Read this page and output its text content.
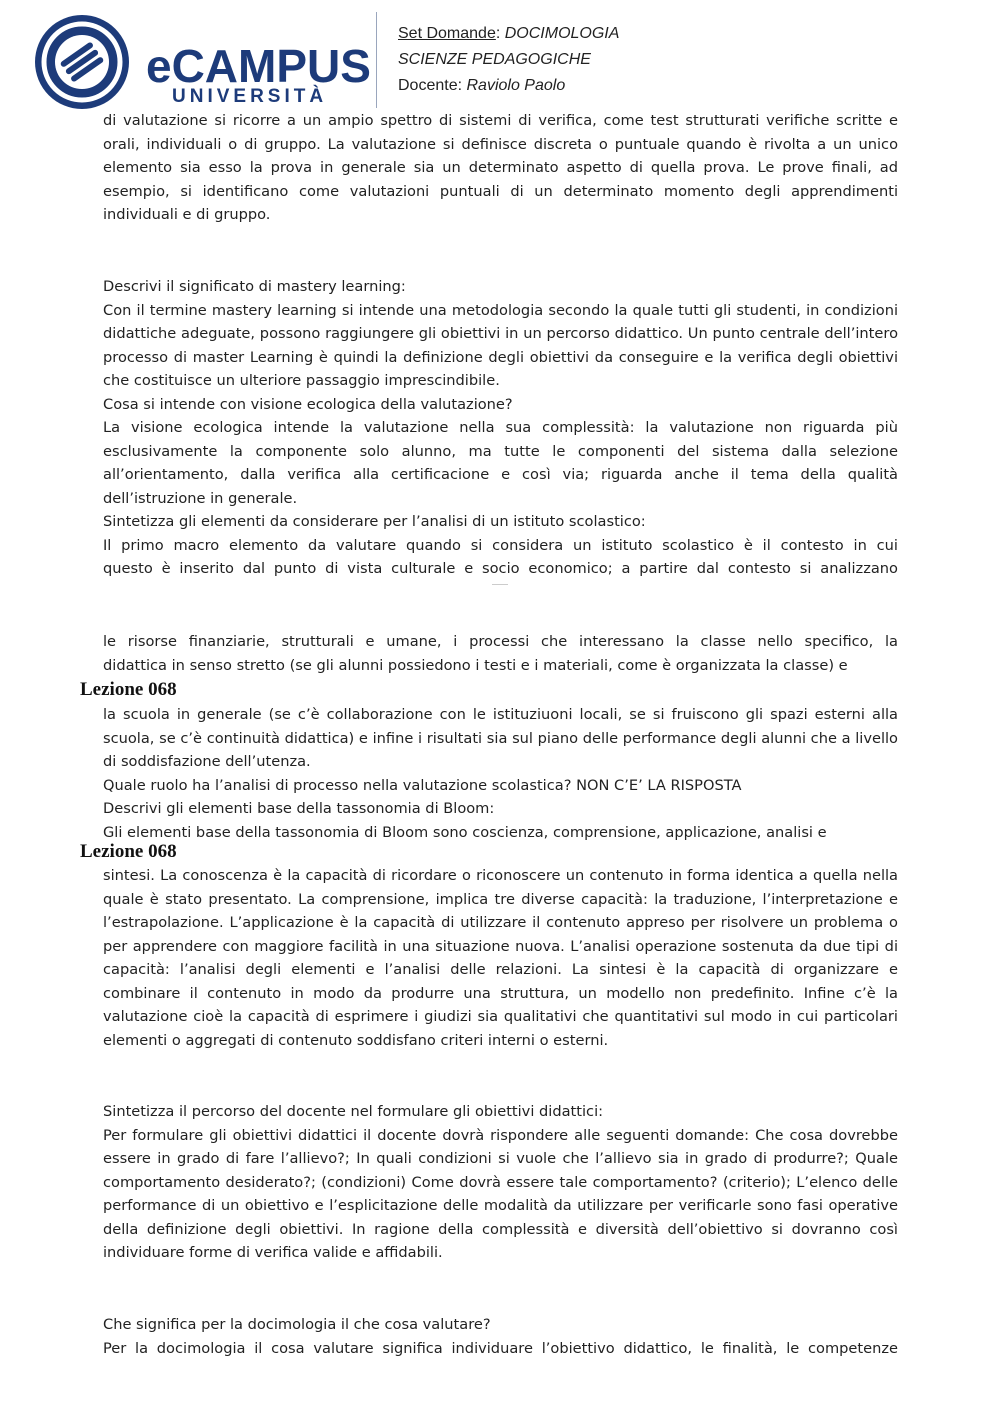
eCAMPUS
UNIVERSITÀ
Set Domande: DOCIMOLOGIA
SCIENZE PEDAGOGICHE
Docente: Raviolo Paolo

di valutazione si ricorre a un ampio spettro di sistemi di verifica, come test strutturati verifiche scritte e orali, individuali o di gruppo. La valutazione si definisce discreta o puntuale quando è rivolta a un unico elemento sia esso la prova in generale sia un determinato aspetto di quella prova. Le prove finali, ad esempio, si identificano come valutazioni puntuali di un determinato momento degli apprendimenti individuali e di gruppo.

Descrivi il significato di mastery learning:

Con il termine mastery learning si intende una metodologia secondo la quale tutti gli studenti, in condizioni didattiche adeguate, possono raggiungere gli obiettivi in un percorso didattico. Un punto centrale dell’intero processo di master Learning è quindi la definizione degli obiettivi da conseguire e la verifica degli obiettivi che costituisce un ulteriore passaggio imprescindibile.

Cosa si intende con visione ecologica della valutazione?

La visione ecologica intende la valutazione nella sua complessità: la valutazione non riguarda più esclusivamente la componente solo alunno, ma tutte le componenti del sistema dalla selezione all’orientamento, dalla verifica alla certificacione e così via; riguarda anche il tema della qualità dell’istruzione in generale.

Sintetizza gli elementi da considerare per l’analisi di un istituto scolastico:

Il primo macro elemento da valutare quando si considera un istituto scolastico è il contesto in cui

questo è inserito dal punto di vista culturale e socio economico; a partire dal contesto si analizzano

le risorse finanziarie, strutturali e umane, i processi che interessano la classe nello specifico, la

didattica in senso stretto (se gli alunni possiedono i testi e i materiali, come è organizzata la classe) e

Lezione 068

la scuola in generale (se c’è collaborazione con le istituziuoni locali, se si fruiscono gli spazi esterni alla scuola, se c’è continuità didattica) e infine i risultati sia sul piano delle performance degli alunni che a livello di soddisfazione dell’utenza.

Quale ruolo ha l’analisi di processo nella valutazione scolastica? NON C’E’ LA RISPOSTA

Descrivi gli elementi base della tassonomia di Bloom:

Gli elementi base della tassonomia di Bloom sono coscienza, comprensione, applicazione, analisi e

Lezione 068

sintesi. La conoscenza è la capacità di ricordare o riconoscere un contenuto in forma identica a quella nella quale è stato presentato. La comprensione, implica tre diverse capacità: la traduzione, l’interpretazione e l’estrapolazione. L’applicazione è la capacità di utilizzare il contenuto appreso per risolvere un problema o per apprendere con maggiore facilità in una situazione nuova. L’analisi operazione sostenuta da due tipi di capacità: l’analisi degli elementi e l’analisi delle relazioni. La sintesi è la capacità di organizzare e combinare il contenuto in modo da produrre una struttura, un modello non predefinito. Infine c’è la valutazione cioè la capacità di esprimere i giudizi sia qualitativi che quantitativi sul modo in cui particolari elementi o aggregati di contenuto soddisfano criteri interni o esterni.

Sintetizza il percorso del docente nel formulare gli obiettivi didattici:

Per formulare gli obiettivi didattici il docente dovrà rispondere alle seguenti domande: Che cosa dovrebbe essere in grado di fare l’allievo?; In quali condizioni si vuole che l’allievo sia in grado di produrre?; Quale comportamento desiderato?; (condizioni) Come dovrà essere tale comportamento? (criterio); L’elenco delle performance di un obiettivo e l’esplicitazione delle modalità da utilizzare per verificarle sono fasi operative della definizione degli obiettivi. In ragione della complessità e diversità dell’obiettivo si dovranno così individuare forme di verifica valide e affidabili.

Che significa per la docimologia il che cosa valutare?

Per la docimologia il cosa valutare significa individuare l’obiettivo didattico, le finalità, le competenze
